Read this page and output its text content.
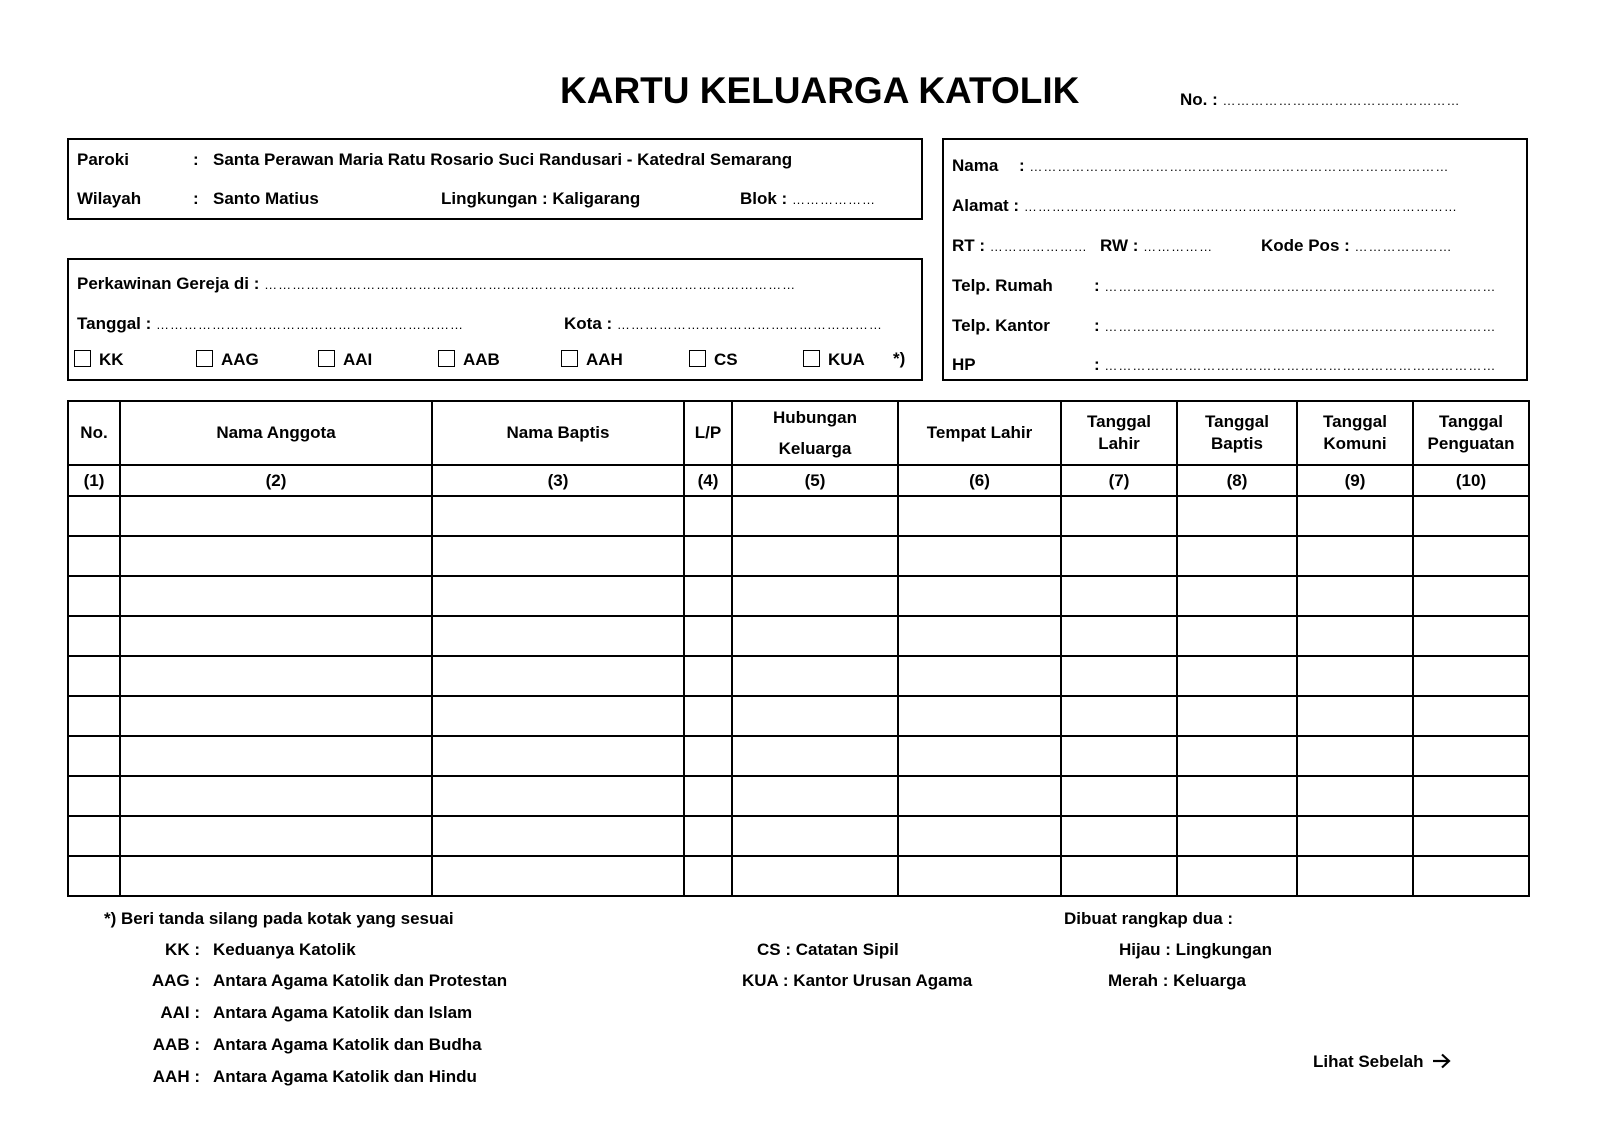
KARTU KELUARGA KATOLIK	No. : ……………………………………………
Paroki	: Santa Perawan Maria Ratu Rosario Suci Randusari - Katedral Semarang
Wilayah	: Santo Matius	Lingkungan : Kaligarang	Blok : ………………
Perkawinan Gereja di : ……………………………………………………………………………………………………
Tanggal : …………………………………………………………	Kota : …………………………………………………
KK	AAG	AAI	AAB	AAH	CS	KUA *)
Nama : ………………………………………………………………………………
Alamat : …………………………………………………………………………………
RT : ………………… RW : ……………	Kode Pos : …………………
Telp. Rumah : …………………………………………………………………………
Telp. Kantor	: …………………………………………………………………………
HP	: …………………………………………………………………………
No.	Nama Anggota	Nama Baptis	L/P	Hubungan Keluarga	Tempat Lahir	Tanggal Lahir	Tanggal Baptis	Tanggal Komuni	Tanggal Penguatan

(1)	(2)	(3)	(4)	(5)	(6)	(7)	(8)	(9)	(10)

*) Beri tanda silang pada kotak yang sesuai
KK : Keduanya Katolik
AAG : Antara Agama Katolik dan Protestan
AAI : Antara Agama Katolik dan Islam
AAB : Antara Agama Katolik dan Budha
AAH : Antara Agama Katolik dan Hindu
CS : Catatan Sipil
KUA : Kantor Urusan Agama
Dibuat rangkap dua :
Hijau : Lingkungan
Merah : Keluarga
Lihat Sebelah
